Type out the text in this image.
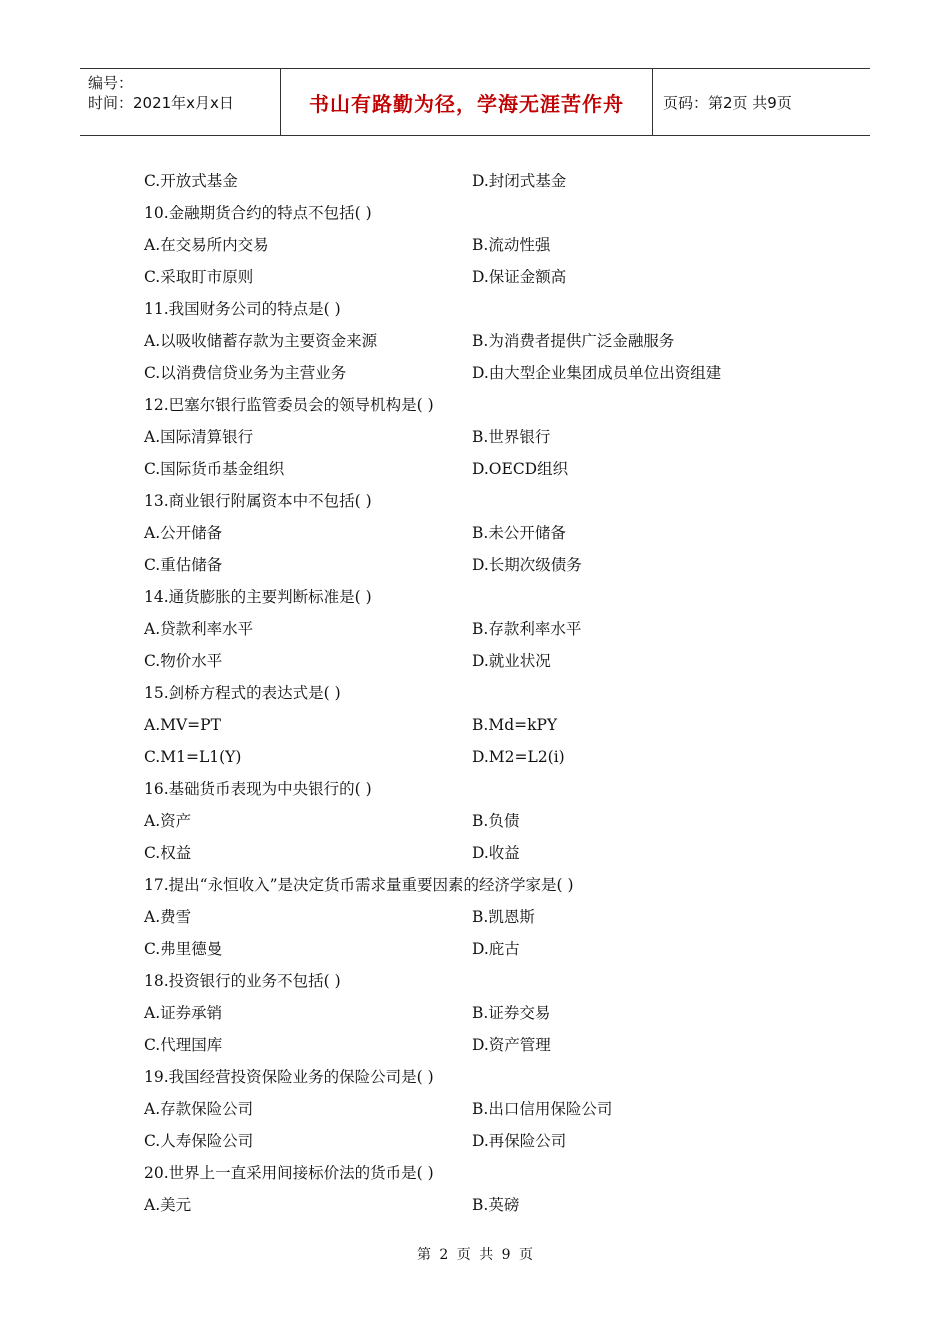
编号：
时间：2021年x月x日	书山有路勤为径，学海无涯苦作舟	页码：第2页 共9页
C.开放式基金	D.封闭式基金
10.金融期货合约的特点不包括( )
A.在交易所内交易	B.流动性强
C.采取盯市原则	D.保证金额高
11.我国财务公司的特点是( )
A.以吸收储蓄存款为主要资金来源	B.为消费者提供广泛金融服务
C.以消费信贷业务为主营业务	D.由大型企业集团成员单位出资组建
12.巴塞尔银行监管委员会的领导机构是( )
A.国际清算银行	B.世界银行
C.国际货币基金组织	D.OECD组织
13.商业银行附属资本中不包括( )
A.公开储备	B.未公开储备
C.重估储备	D.长期次级债务
14.通货膨胀的主要判断标准是( )
A.贷款利率水平	B.存款利率水平
C.物价水平	D.就业状况
15.剑桥方程式的表达式是( )
A.MV=PT	B.Md=kPY
C.M1=L1(Y)	D.M2=L2(i)
16.基础货币表现为中央银行的( )
A.资产	B.负债
C.权益	D.收益
17.提出“永恒收入”是决定货币需求量重要因素的经济学家是( )
A.费雪	B.凯恩斯
C.弗里德曼	D.庇古
18.投资银行的业务不包括( )
A.证券承销	B.证券交易
C.代理国库	D.资产管理
19.我国经营投资保险业务的保险公司是( )
A.存款保险公司	B.出口信用保险公司
C.人寿保险公司	D.再保险公司
20.世界上一直采用间接标价法的货币是( )
A.美元	B.英磅
第 2 页 共 9 页
